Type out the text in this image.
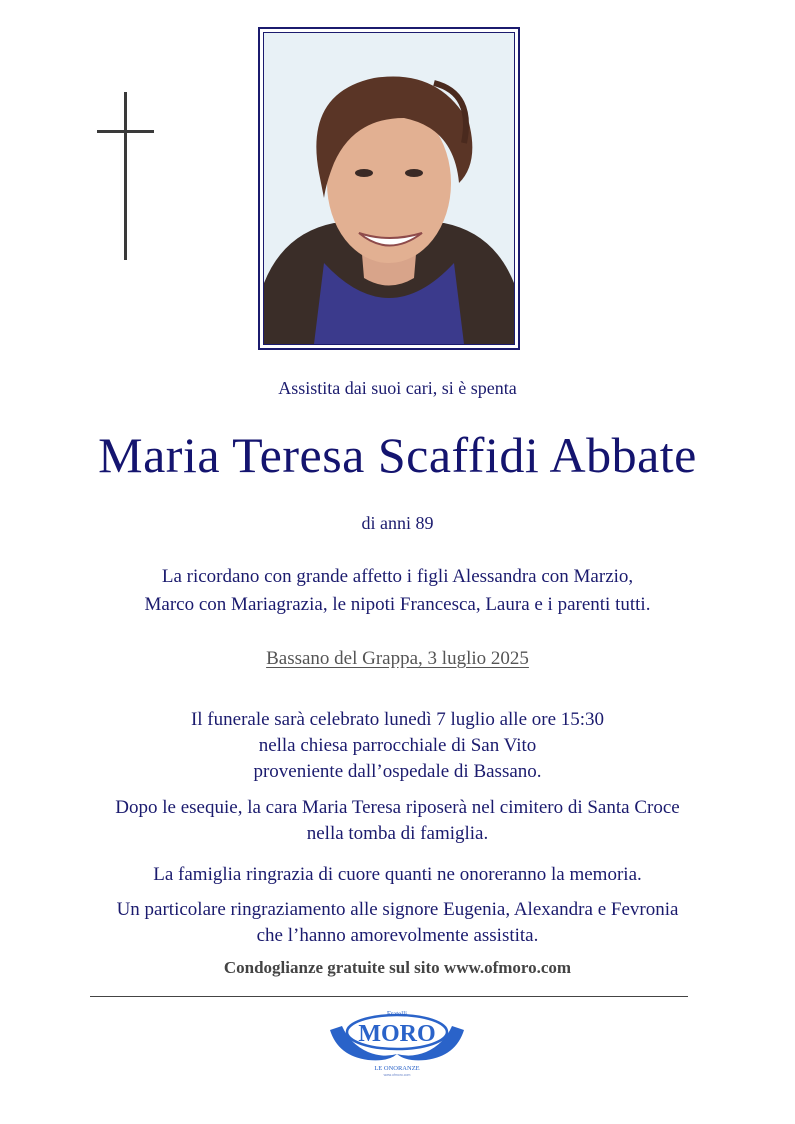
Assistita dai suoi cari, si è spenta
Maria Teresa Scaffidi Abbate
di anni 89
La ricordano con grande affetto i figli Alessandra con Marzio,
Marco con Mariagrazia, le nipoti Francesca, Laura e i parenti tutti.
Bassano del Grappa, 3 luglio 2025
Il funerale sarà celebrato lunedì 7 luglio alle ore 15:30
nella chiesa parrocchiale di San Vito
proveniente dall’ospedale di Bassano.
Dopo le esequie, la cara Maria Teresa riposerà nel cimitero di Santa Croce
nella tomba di famiglia.
La famiglia ringrazia di cuore quanti ne onoreranno la memoria.
Un particolare ringraziamento alle signore Eugenia, Alexandra e Fevronia
che l’hanno amorevolmente assistita.
Condoglianze gratuite sul sito www.ofmoro.com
Fratelli
MORO
LE ONORANZE
www.ofmoro.com
